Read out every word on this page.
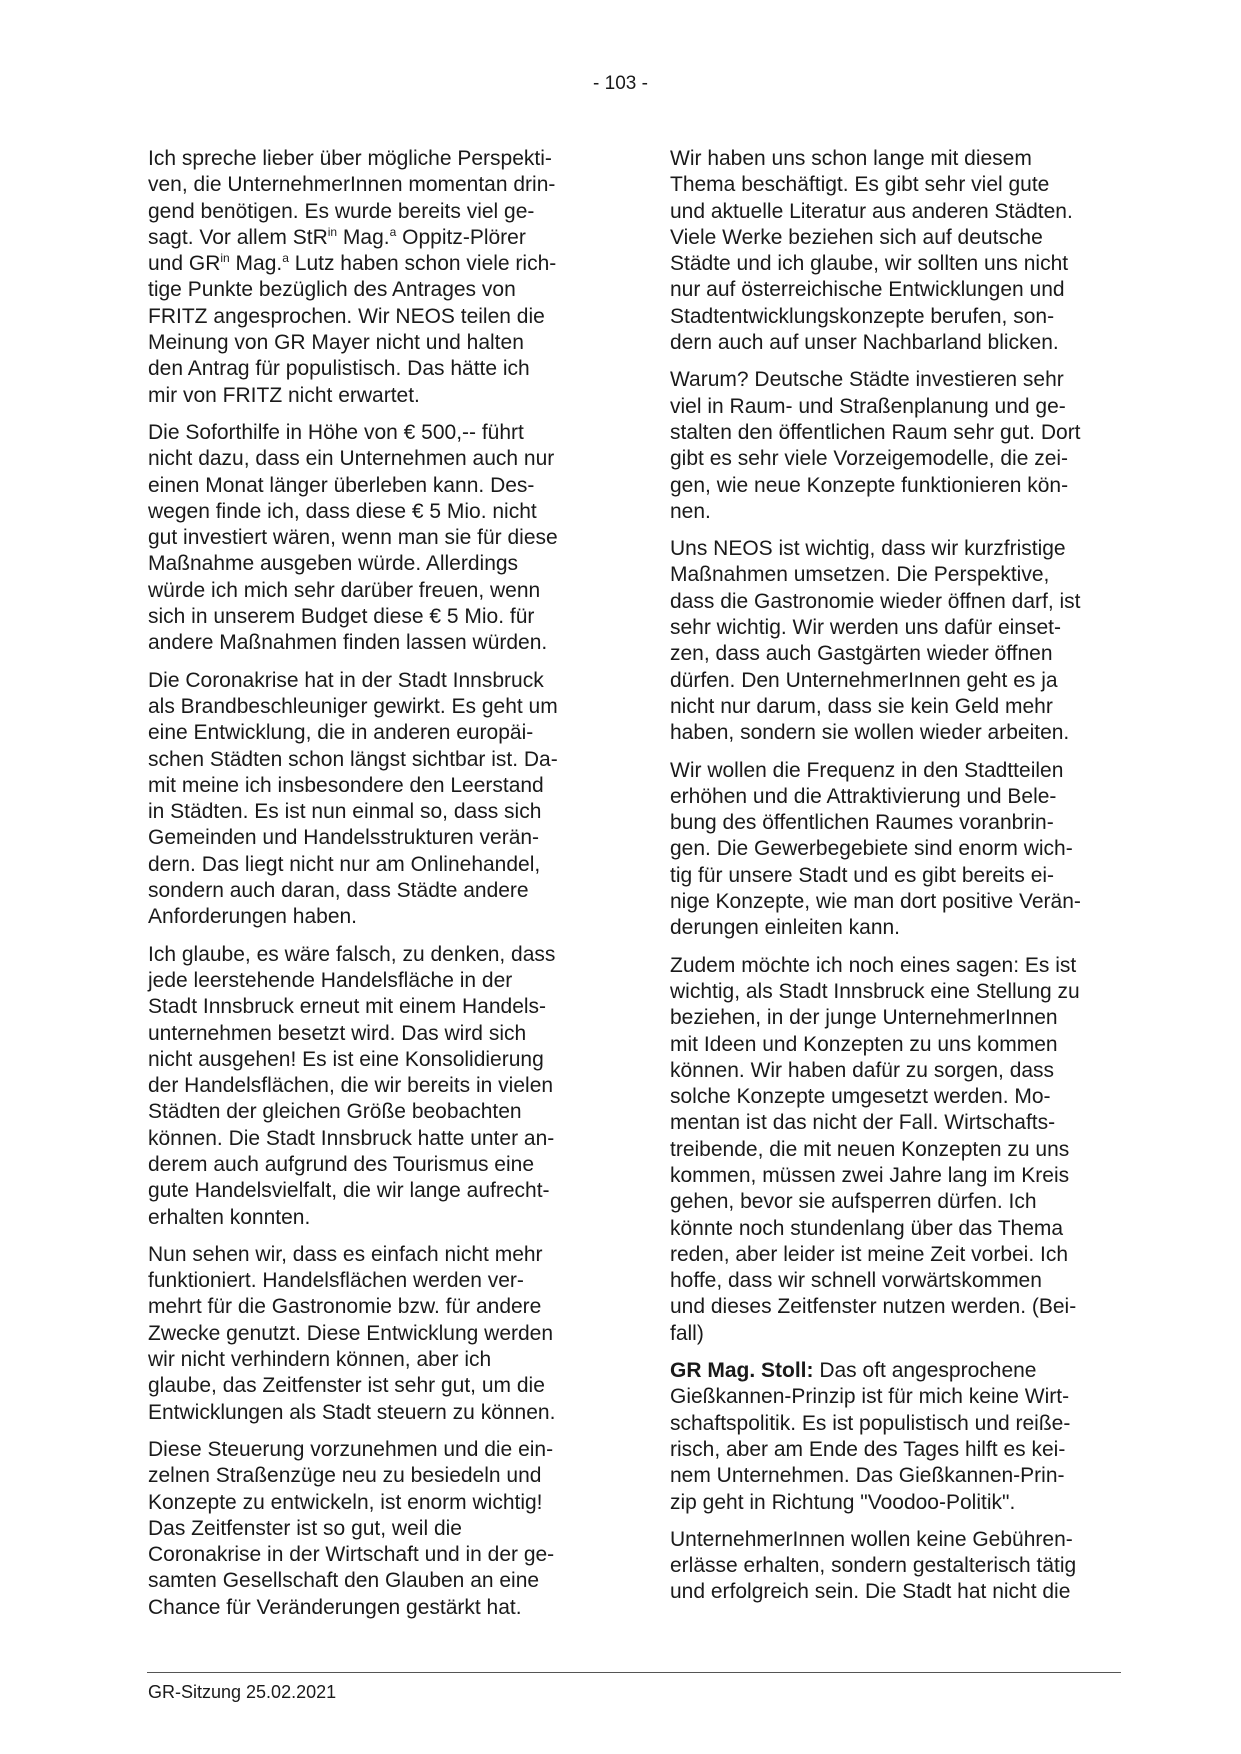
- 103 -
Ich spreche lieber über mögliche Perspekti-
ven, die UnternehmerInnen momentan drin-
gend benötigen. Es wurde bereits viel ge-
sagt. Vor allem StR$^{in}$ Mag.$^a$ Oppitz-Plörer
und $GR^{in}$ Mag.$^a$ Lutz haben schon viele rich-
tige Punkte bezüglich des Antrages von
FRITZ angesprochen. Wir NEOS teilen die
Meinung von GR Mayer nicht und halten
den Antrag für populistisch. Das hätte ich
mir von FRITZ nicht erwartet.
Die Soforthilfe in Höhe von € 500,-- führt
nicht dazu, dass ein Unternehmen auch nur
einen Monat länger überleben kann. Des-
wegen finde ich, dass diese € 5 Mio. nicht
gut investiert wären, wenn man sie für diese
Maßnahme ausgeben würde. Allerdings
würde ich mich sehr darüber freuen, wenn
sich in unserem Budget diese € 5 Mio. für
andere Maßnahmen finden lassen würden.
Die Coronakrise hat in der Stadt Innsbruck
als Brandbeschleuniger gewirkt. Es geht um
eine Entwicklung, die in anderen europäi-
schen Städten schon längst sichtbar ist. Da-
mit meine ich insbesondere den Leerstand
in Städten. Es ist nun einmal so, dass sich
Gemeinden und Handelsstrukturen verän-
dern. Das liegt nicht nur am Onlinehandel,
sondern auch daran, dass Städte andere
Anforderungen haben.
Ich glaube, es wäre falsch, zu denken, dass
jede leerstehende Handelsfläche in der
Stadt Innsbruck erneut mit einem Handels-
unternehmen besetzt wird. Das wird sich
nicht ausgehen! Es ist eine Konsolidierung
der Handelsflächen, die wir bereits in vielen
Städten der gleichen Größe beobachten
können. Die Stadt Innsbruck hatte unter an-
derem auch aufgrund des Tourismus eine
gute Handelsvielfalt, die wir lange aufrecht-
erhalten konnten.
Nun sehen wir, dass es einfach nicht mehr
funktioniert. Handelsflächen werden ver-
mehrt für die Gastronomie bzw. für andere
Zwecke genutzt. Diese Entwicklung werden
wir nicht verhindern können, aber ich
glaube, das Zeitfenster ist sehr gut, um die
Entwicklungen als Stadt steuern zu können.
Diese Steuerung vorzunehmen und die ein-
zelnen Straßenzüge neu zu besiedeln und
Konzepte zu entwickeln, ist enorm wichtig!
Das Zeitfenster ist so gut, weil die
Coronakrise in der Wirtschaft und in der ge-
samten Gesellschaft den Glauben an eine
Chance für Veränderungen gestärkt hat.
Wir haben uns schon lange mit diesem
Thema beschäftigt. Es gibt sehr viel gute
und aktuelle Literatur aus anderen Städten.
Viele Werke beziehen sich auf deutsche
Städte und ich glaube, wir sollten uns nicht
nur auf österreichische Entwicklungen und
Stadtentwicklungskonzepte berufen, son-
dern auch auf unser Nachbarland blicken.
Warum? Deutsche Städte investieren sehr
viel in Raum- und Straßenplanung und ge-
stalten den öffentlichen Raum sehr gut. Dort
gibt es sehr viele Vorzeigemodelle, die zei-
gen, wie neue Konzepte funktionieren kön-
nen.
Uns NEOS ist wichtig, dass wir kurzfristige
Maßnahmen umsetzen. Die Perspektive,
dass die Gastronomie wieder öffnen darf, ist
sehr wichtig. Wir werden uns dafür einset-
zen, dass auch Gastgärten wieder öffnen
dürfen. Den UnternehmerInnen geht es ja
nicht nur darum, dass sie kein Geld mehr
haben, sondern sie wollen wieder arbeiten.
Wir wollen die Frequenz in den Stadtteilen
erhöhen und die Attraktivierung und Bele-
bung des öffentlichen Raumes voranbrin-
gen. Die Gewerbegebiete sind enorm wich-
tig für unsere Stadt und es gibt bereits ei-
nige Konzepte, wie man dort positive Verän-
derungen einleiten kann.
Zudem möchte ich noch eines sagen: Es ist
wichtig, als Stadt Innsbruck eine Stellung zu
beziehen, in der junge UnternehmerInnen
mit Ideen und Konzepten zu uns kommen
können. Wir haben dafür zu sorgen, dass
solche Konzepte umgesetzt werden. Mo-
mentan ist das nicht der Fall. Wirtschafts-
treibende, die mit neuen Konzepten zu uns
kommen, müssen zwei Jahre lang im Kreis
gehen, bevor sie aufsperren dürfen. Ich
könnte noch stundenlang über das Thema
reden, aber leider ist meine Zeit vorbei. Ich
hoffe, dass wir schnell vorwärtskommen
und dieses Zeitfenster nutzen werden. (Bei-
fall)
GR Mag. Stoll: Das oft angesprochene
Gießkannen-Prinzip ist für mich keine Wirt-
schaftspolitik. Es ist populistisch und reiße-
risch, aber am Ende des Tages hilft es kei-
nem Unternehmen. Das Gießkannen-Prin-
zip geht in Richtung "Voodoo-Politik".
UnternehmerInnen wollen keine Gebühren-
erlässe erhalten, sondern gestalterisch tätig
und erfolgreich sein. Die Stadt hat nicht die
GR-Sitzung 25.02.2021
